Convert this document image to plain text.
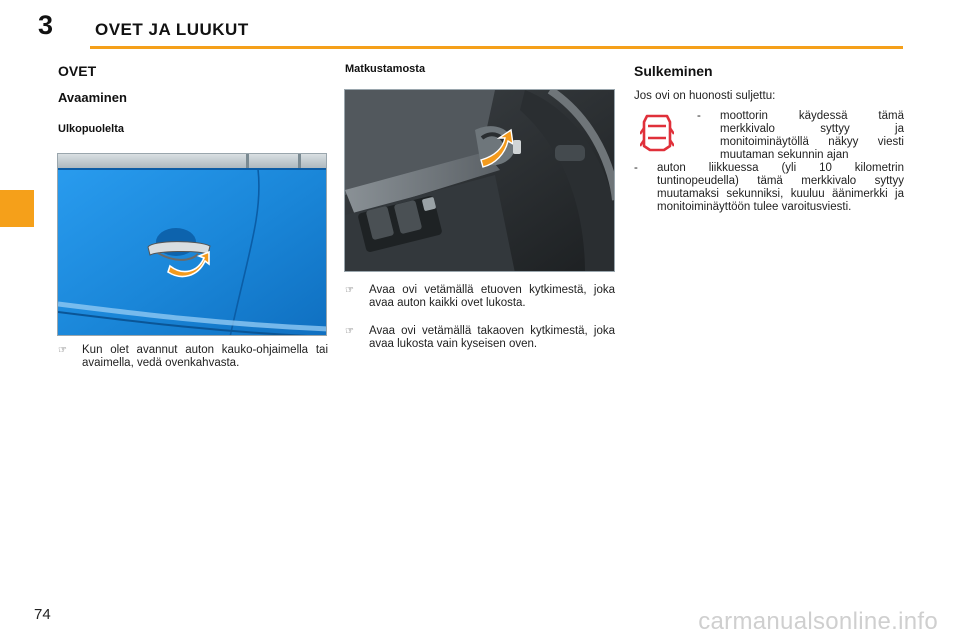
3 OVET JA LUUKUT
OVET
Avaaminen
Ulkopuolelta
☞	Kun olet avannut auton kauko-ohjaimella tai avaimella, vedä ovenkahvasta.
Matkustamosta
☞	Avaa ovi vetämällä etuoven kytkimestä, joka avaa auton kaikki ovet lukosta.
☞	Avaa ovi vetämällä takaoven kytkimestä, joka avaa lukosta vain kyseisen oven.
Sulkeminen
Jos ovi on huonosti suljettu:
-	moottorin käydessä tämä merkkivalo syttyy ja monitoiminäytöllä näkyy viesti muutaman sekunnin ajan
-	auton liikkuessa (yli 10 kilometrin tuntinopeudella) tämä merkkivalo syttyy muutamaksi sekunniksi, kuuluu äänimerkki ja monitoiminäyttöön tulee varoitusviesti.
74	carmanualsonline.info
